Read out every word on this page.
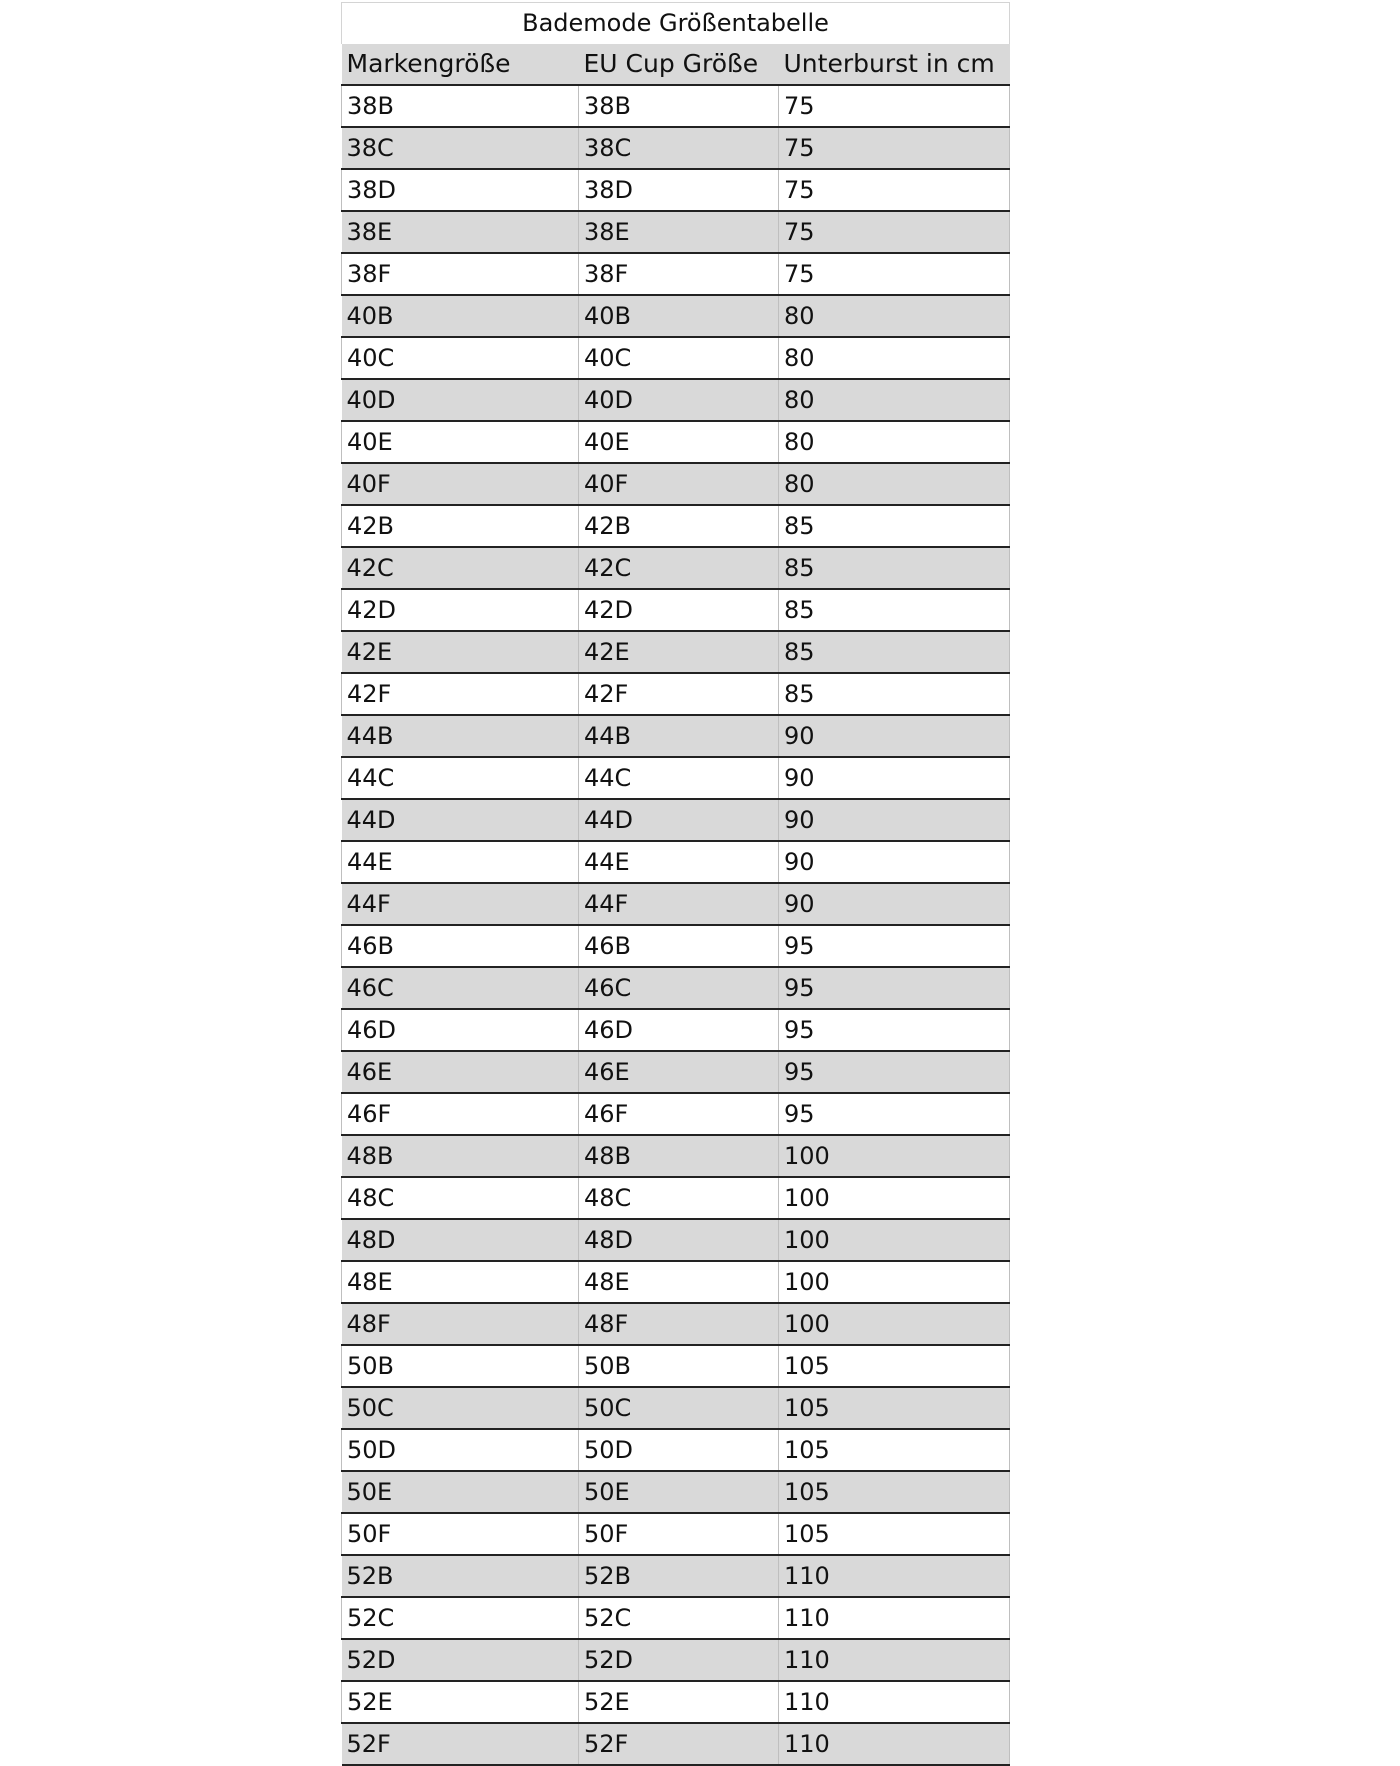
Bademode Größentabelle		
Markengröße	EU Cup Größe	Unterburst in cm
38B	38B	75
38C	38C	75
38D	38D	75
38E	38E	75
38F	38F	75
40B	40B	80
40C	40C	80
40D	40D	80
40E	40E	80
40F	40F	80
42B	42B	85
42C	42C	85
42D	42D	85
42E	42E	85
42F	42F	85
44B	44B	90
44C	44C	90
44D	44D	90
44E	44E	90
44F	44F	90
46B	46B	95
46C	46C	95
46D	46D	95
46E	46E	95
46F	46F	95
48B	48B	100
48C	48C	100
48D	48D	100
48E	48E	100
48F	48F	100
50B	50B	105
50C	50C	105
50D	50D	105
50E	50E	105
50F	50F	105
52B	52B	110
52C	52C	110
52D	52D	110
52E	52E	110
52F	52F	110
